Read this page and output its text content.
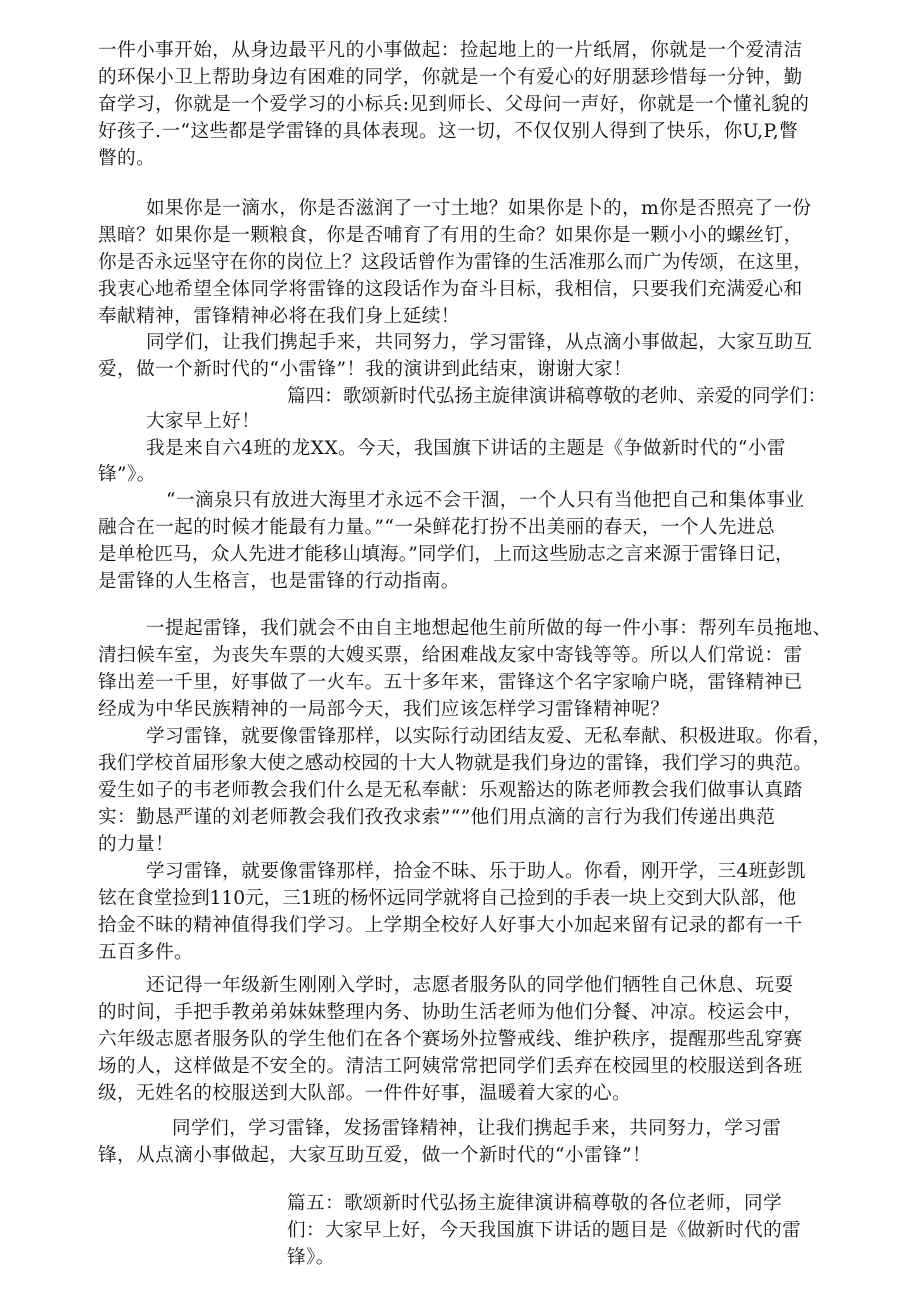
一件小事开始，从身边最平凡的小事做起：捡起地上的一片纸屑，你就是一个爱清洁
的环保小卫上帮助身边有困难的同学，你就是一个有爱心的好朋瑟珍惜每一分钟，勤
奋学习，你就是一个爱学习的小标兵:见到师长、父母问一声好，你就是一个懂礼貌的
好孩子.一“这些都是学雷锋的具体表现。这一切，不仅仅别人得到了快乐，你U,P,瞥
瞥的。
如果你是一滴水，你是否滋润了一寸土地？如果你是卜的，m你是否照亮了一份
黑暗？如果你是一颗粮食，你是否哺育了有用的生命？如果你是一颗小小的螺丝钉，
你是否永远坚守在你的岗位上？这段话曾作为雷锋的生活准那么而广为传颂，在这里，
我衷心地希望全体同学将雷锋的这段话作为奋斗目标，我相信，只要我们充满爱心和
奉献精神，雷锋精神必将在我们身上延续！
同学们，让我们携起手来，共同努力，学习雷锋，从点滴小事做起，大家互助互
爱，做一个新时代的“小雷锋”！我的演讲到此结束，谢谢大家！
篇四：歌颂新时代弘扬主旋律演讲稿尊敬的老帅、亲爱的同学们：
大家早上好！
我是来自六4班的龙XX。今天，我国旗下讲话的主题是《争做新时代的“小雷
锋”》。
“一滴泉只有放进大海里才永远不会干涸，一个人只有当他把自己和集体事业
融合在一起的时候才能最有力量。”“一朵鲜花打扮不出美丽的春天，一个人先进总
是单枪匹马，众人先进才能移山填海。”同学们，上而这些励志之言来源于雷锋日记，
是雷锋的人生格言，也是雷锋的行动指南。
一提起雷锋，我们就会不由自主地想起他生前所做的每一件小事：帮列车员拖地、
清扫候车室，为丧失车票的大嫂买票，给困难战友家中寄钱等等。所以人们常说：雷
锋出差一千里，好事做了一火车。五十多年来，雷锋这个名字家喻户晓，雷锋精神已
经成为中华民族精神的一局部今天，我们应该怎样学习雷锋精神呢？
学习雷锋，就要像雷锋那样，以实际行动团结友爱、无私奉献、积极进取。你看，
我们学校首届形象大使之感动校园的十大人物就是我们身边的雷锋，我们学习的典范。
爱生如子的韦老师教会我们什么是无私奉献：乐观豁达的陈老师教会我们做事认真踏
实：勤恳严谨的刘老师教会我们孜孜求索”“”他们用点滴的言行为我们传递出典范
的力量！
学习雷锋，就要像雷锋那样，拾金不昧、乐于助人。你看，刚开学，三4班彭凯
铉在食堂捡到110元，三1班的杨怀远同学就将自己捡到的手表一块上交到大队部，他
拾金不昧的精神值得我们学习。上学期全校好人好事大小加起来留有记录的都有一千
五百多件。
还记得一年级新生刚刚入学时，志愿者服务队的同学他们牺牲自己休息、玩耍
的时间，手把手教弟弟妹妹整理内务、协助生活老师为他们分餐、冲凉。校运会中，
六年级志愿者服务队的学生他们在各个赛场外拉警戒线、维护秩序，提醒那些乱穿赛
场的人，这样做是不安全的。清洁工阿姨常常把同学们丢弃在校园里的校服送到各班
级，无姓名的校服送到大队部。一件件好事，温暖着大家的心。
同学们，学习雷锋，发扬雷锋精神，让我们携起手来，共同努力，学习雷
锋，从点滴小事做起，大家互助互爱，做一个新时代的“小雷锋”！
篇五：歌颂新时代弘扬主旋律演讲稿尊敬的各位老师，同学
们：大家早上好，今天我国旗下讲话的题目是《做新时代的雷
锋》。
